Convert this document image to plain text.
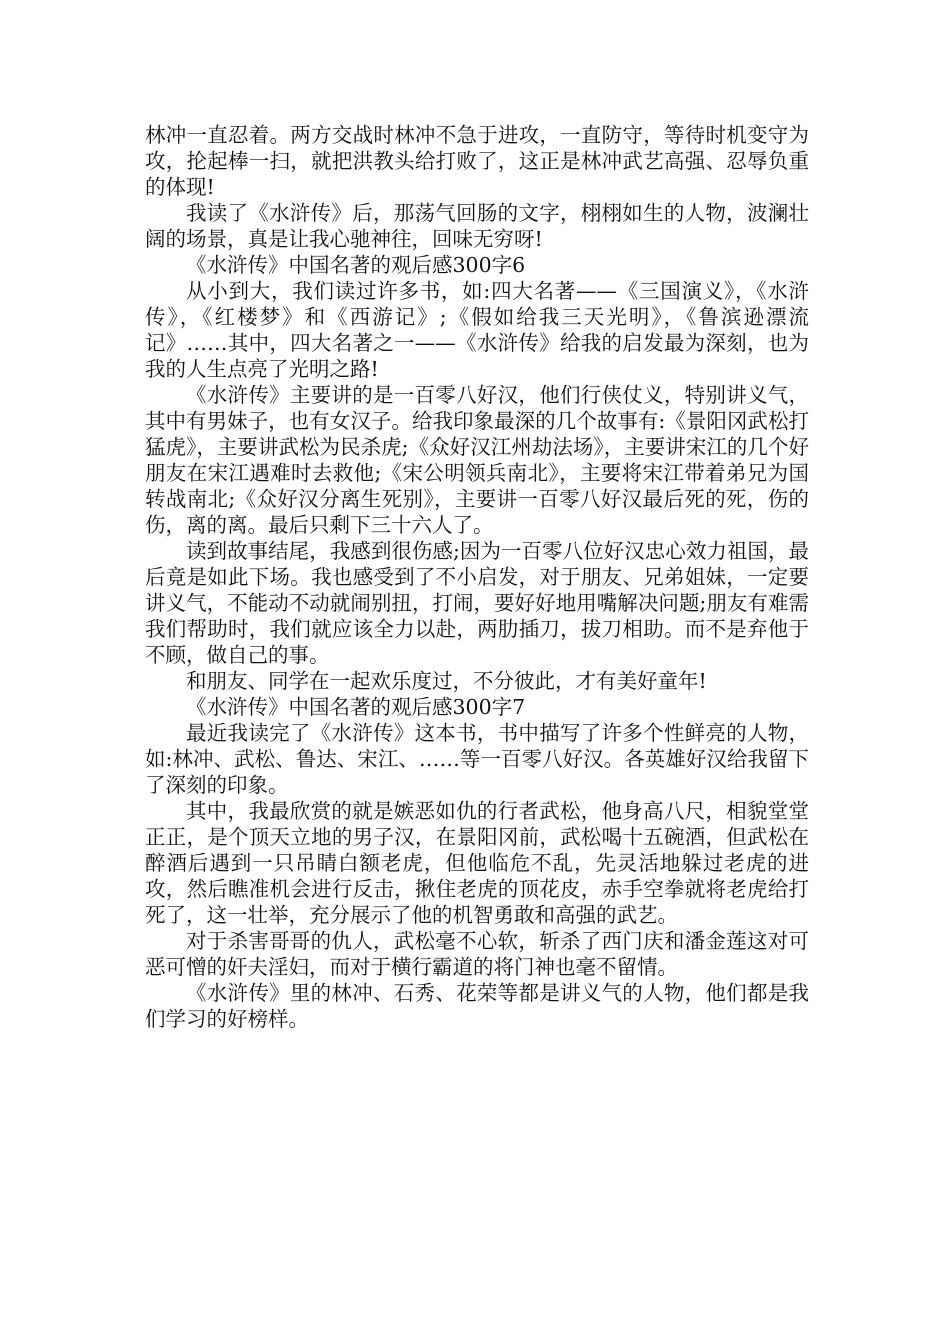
林冲一直忍着。两方交战时林冲不急于进攻，一直防守，等待时机变守为攻，抡起棒一扫，就把洪教头给打败了，这正是林冲武艺高强、忍辱负重的体现!

我读了《水浒传》后，那荡气回肠的文字，栩栩如生的人物，波澜壮阔的场景，真是让我心驰神往，回味无穷呀!

《水浒传》中国名著的观后感300字6

从小到大，我们读过许多书，如:四大名著——《三国演义》，《水浒传》，《红楼梦》和《西游记》;《假如给我三天光明》，《鲁滨逊漂流记》……其中，四大名著之一——《水浒传》给我的启发最为深刻，也为我的人生点亮了光明之路!

《水浒传》主要讲的是一百零八好汉，他们行侠仗义，特别讲义气，其中有男妹子，也有女汉子。给我印象最深的几个故事有:《景阳冈武松打猛虎》，主要讲武松为民杀虎;《众好汉江州劫法场》，主要讲宋江的几个好朋友在宋江遇难时去救他;《宋公明领兵南北》，主要将宋江带着弟兄为国转战南北;《众好汉分离生死别》，主要讲一百零八好汉最后死的死，伤的伤，离的离。最后只剩下三十六人了。

读到故事结尾，我感到很伤感;因为一百零八位好汉忠心效力祖国，最后竟是如此下场。我也感受到了不小启发，对于朋友、兄弟姐妹，一定要讲义气，不能动不动就闹别扭，打闹，要好好地用嘴解决问题;朋友有难需我们帮助时，我们就应该全力以赴，两肋插刀，拔刀相助。而不是弃他于不顾，做自己的事。

和朋友、同学在一起欢乐度过，不分彼此，才有美好童年!

《水浒传》中国名著的观后感300字7

最近我读完了《水浒传》这本书，书中描写了许多个性鲜亮的人物，如:林冲、武松、鲁达、宋江、……等一百零八好汉。各英雄好汉给我留下了深刻的印象。

其中，我最欣赏的就是嫉恶如仇的行者武松，他身高八尺，相貌堂堂正正，是个顶天立地的男子汉，在景阳冈前，武松喝十五碗酒，但武松在醉酒后遇到一只吊睛白额老虎，但他临危不乱，先灵活地躲过老虎的进攻，然后瞧准机会进行反击，揪住老虎的顶花皮，赤手空拳就将老虎给打死了，这一壮举，充分展示了他的机智勇敢和高强的武艺。

对于杀害哥哥的仇人，武松毫不心软，斩杀了西门庆和潘金莲这对可恶可憎的奸夫淫妇，而对于横行霸道的将门神也毫不留情。

《水浒传》里的林冲、石秀、花荣等都是讲义气的人物，他们都是我们学习的好榜样。
